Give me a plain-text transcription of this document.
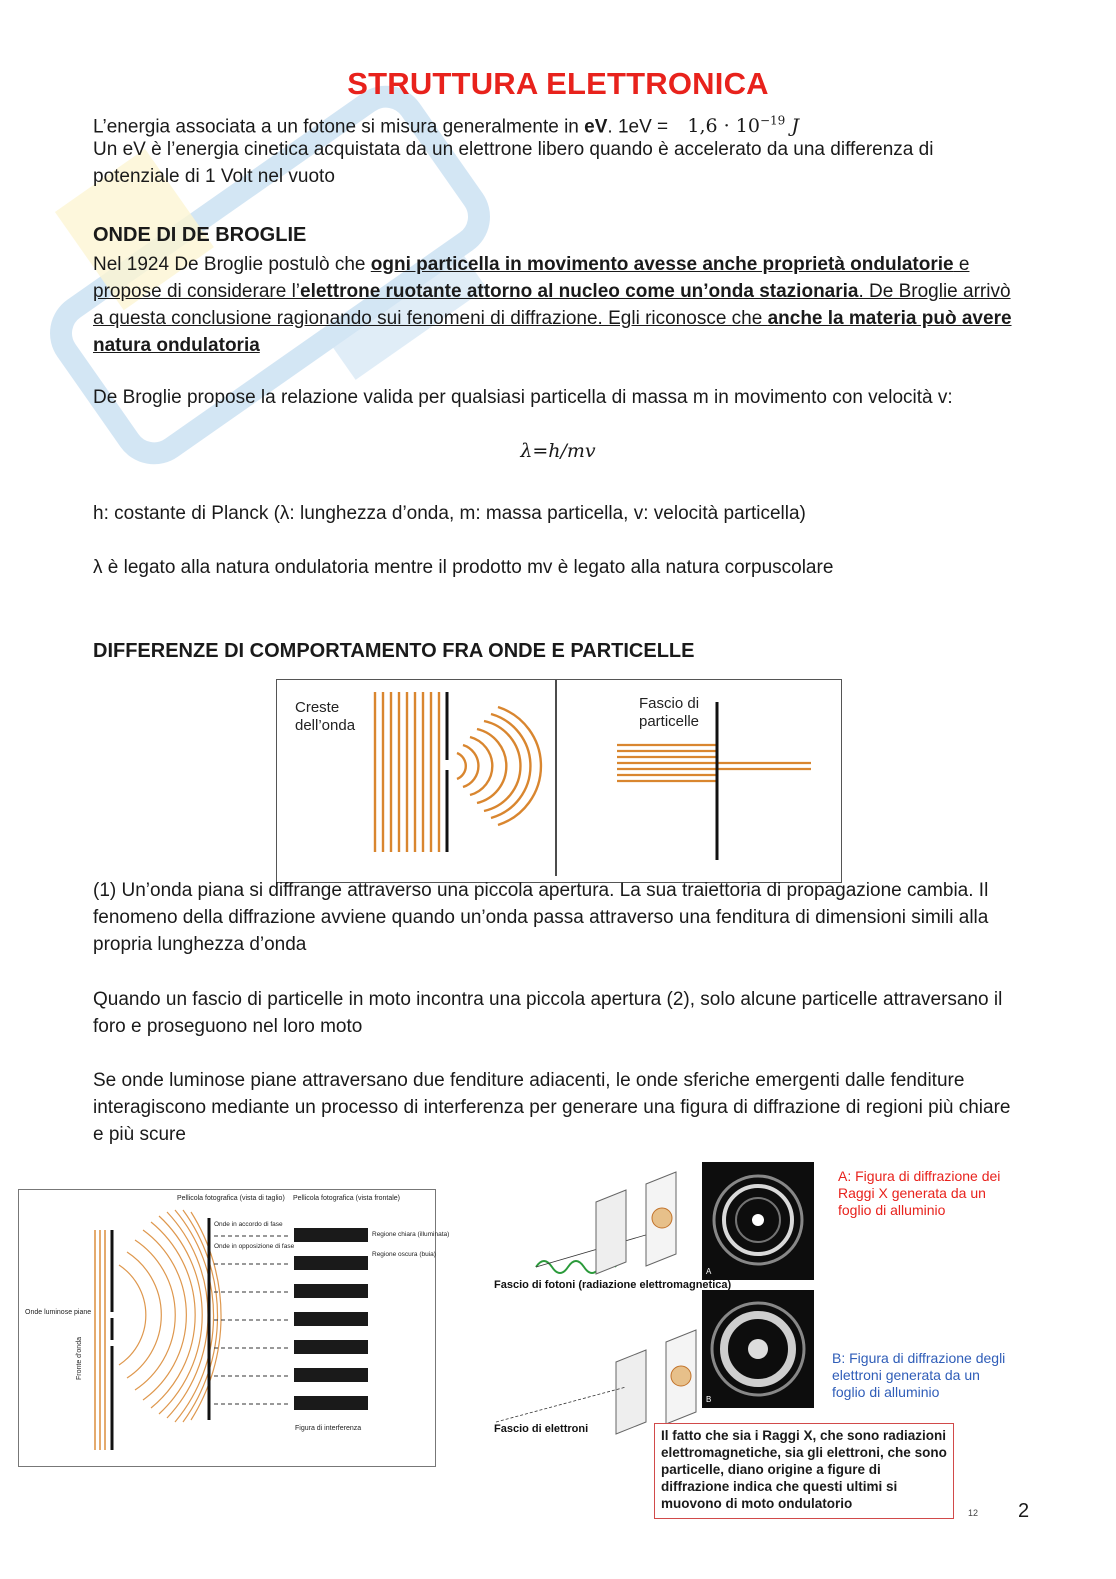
STRUTTURA ELETTRONICA
L’energia associata a un fotone si misura generalmente in eV. $1eV = 1,6 \cdot 10^{-19}$ J
Un eV è l’energia cinetica acquistata da un elettrone libero quando è accelerato da una differenza di potenziale di 1 Volt nel vuoto
ONDE DI DE BROGLIE
Nel 1924 De Broglie postulò che ogni particella in movimento avesse anche proprietà ondulatorie e propose di considerare l’elettrone ruotante attorno al nucleo come un’onda stazionaria. De Broglie arrivò a questa conclusione ragionando sui fenomeni di diffrazione. Egli riconosce che anche la materia può avere natura ondulatoria
De Broglie propose la relazione valida per qualsiasi particella di massa m in movimento con velocità v:
λ=h/mv
h: costante di Planck (λ: lunghezza d’onda, m: massa particella, v: velocità particella)
λ è legato alla natura ondulatoria mentre il prodotto mv è legato alla natura corpuscolare
DIFFERENZE DI COMPORTAMENTO FRA ONDE E PARTICELLE
Creste
dell’onda
Fascio di
particelle
(1) Un’onda piana si diffrange attraverso una piccola apertura. La sua traiettoria di propagazione cambia. Il fenomeno della diffrazione avviene quando un’onda passa attraverso una fenditura di dimensioni simili alla propria lunghezza d’onda
Quando un fascio di particelle in moto incontra una piccola apertura (2), solo alcune particelle attraversano il foro e proseguono nel loro moto
Se onde luminose piane attraversano due fenditure adiacenti, le onde sferiche emergenti dalle fenditure interagiscono mediante un processo di interferenza per generare una figura di diffrazione di regioni più chiare e più scure
Pellicola fotografica (vista di taglio) Pellicola fotografica (vista frontale)
Onde in accordo di fase
Onde in opposizione di fase
Regione chiara (illuminata)
Regione oscura (buia)
Onde luminose piane
Fronte d'onda
Figura di interferenza
A
B
Fascio di fotoni (radiazione elettromagnetica)
Fascio di elettroni
A: Figura di diffrazione dei Raggi X generata da un foglio di alluminio
B: Figura di diffrazione degli elettroni generata da un foglio di alluminio
Il fatto che sia i Raggi X, che sono radiazioni elettromagnetiche, sia gli elettroni, che sono particelle, diano origine a figure di diffrazione indica che questi ultimi si muovono di moto ondulatorio
12 2
